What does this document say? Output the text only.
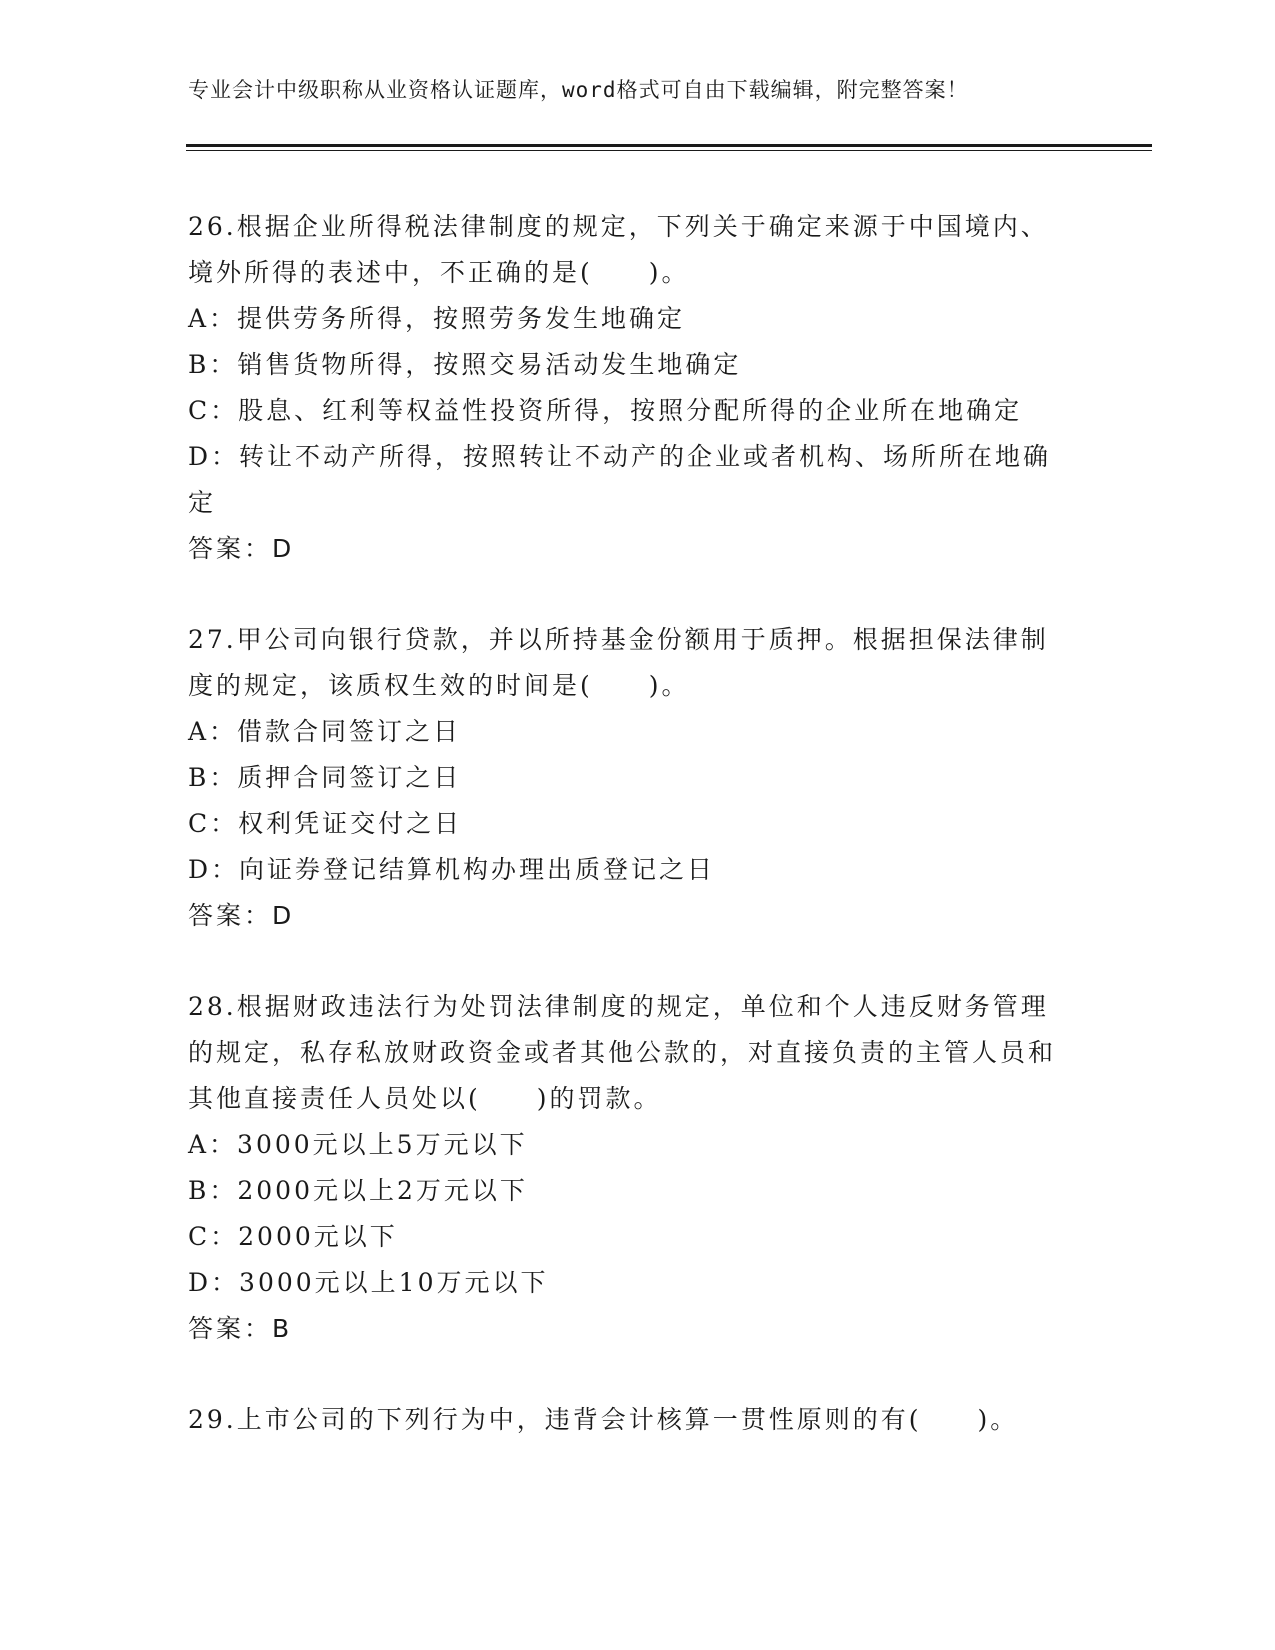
专业会计中级职称从业资格认证题库，word格式可自由下载编辑，附完整答案！
26.根据企业所得税法律制度的规定，下列关于确定来源于中国境内、境外所得的表述中，不正确的是(　　)。
A：提供劳务所得，按照劳务发生地确定
B：销售货物所得，按照交易活动发生地确定
C：股息、红利等权益性投资所得，按照分配所得的企业所在地确定
D：转让不动产所得，按照转让不动产的企业或者机构、场所所在地确定
答案：D
27.甲公司向银行贷款，并以所持基金份额用于质押。根据担保法律制度的规定，该质权生效的时间是(　　)。
A：借款合同签订之日
B：质押合同签订之日
C：权利凭证交付之日
D：向证券登记结算机构办理出质登记之日
答案：D
28.根据财政违法行为处罚法律制度的规定，单位和个人违反财务管理的规定，私存私放财政资金或者其他公款的，对直接负责的主管人员和其他直接责任人员处以(　　)的罚款。
A：3000元以上5万元以下
B：2000元以上2万元以下
C：2000元以下
D：3000元以上10万元以下
答案：B
29.上市公司的下列行为中，违背会计核算一贯性原则的有(　　)。
